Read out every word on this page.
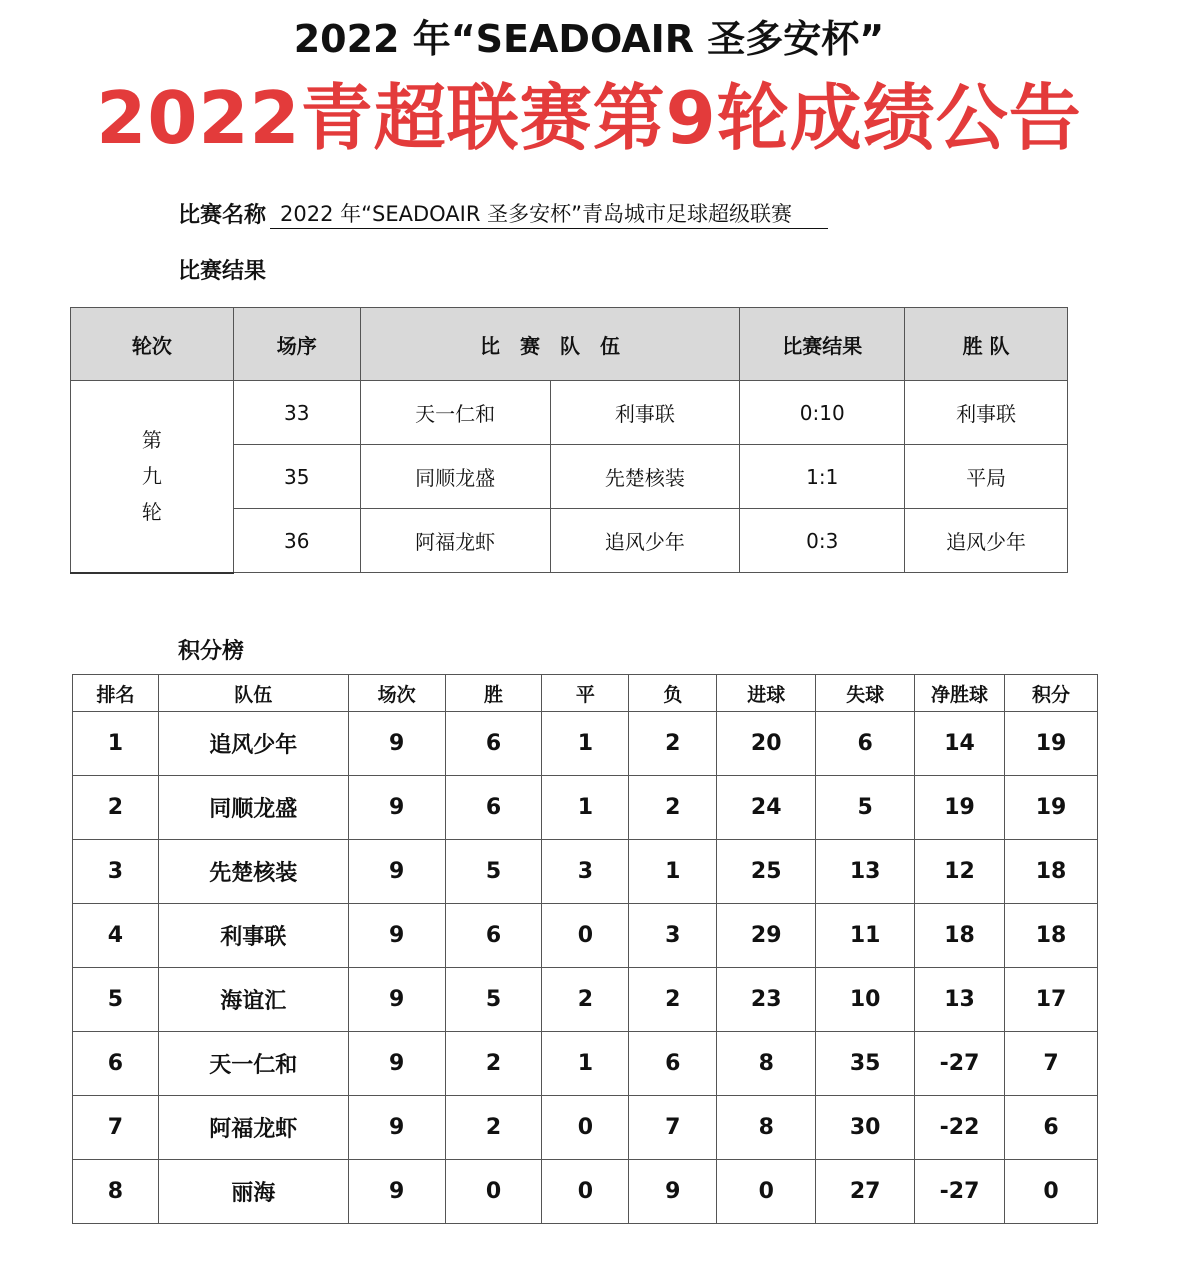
2022 年“SEADOAIR 圣多安杯”
2022青超联赛第9轮成绩公告
比赛名称 2022 年“SEADOAIR 圣多安杯”青岛城市足球超级联赛
比赛结果
轮次	场序	比　赛　队　伍		比赛结果	胜 队

第
九
轮	33	天一仁和	利事联	0:10	利事联
	35	同顺龙盛	先楚核装	1:1	平局
	36	阿福龙虾	追风少年	0:3	追风少年
积分榜
排名	队伍	场次	胜	平	负	进球	失球	净胜球	积分
1	追风少年	9	6	1	2	20	6	14	19
2	同顺龙盛	9	6	1	2	24	5	19	19
3	先楚核装	9	5	3	1	25	13	12	18
4	利事联	9	6	0	3	29	11	18	18
5	海谊汇	9	5	2	2	23	10	13	17
6	天一仁和	9	2	1	6	8	35	-27	7
7	阿福龙虾	9	2	0	7	8	30	-22	6
8	丽海	9	0	0	9	0	27	-27	0
